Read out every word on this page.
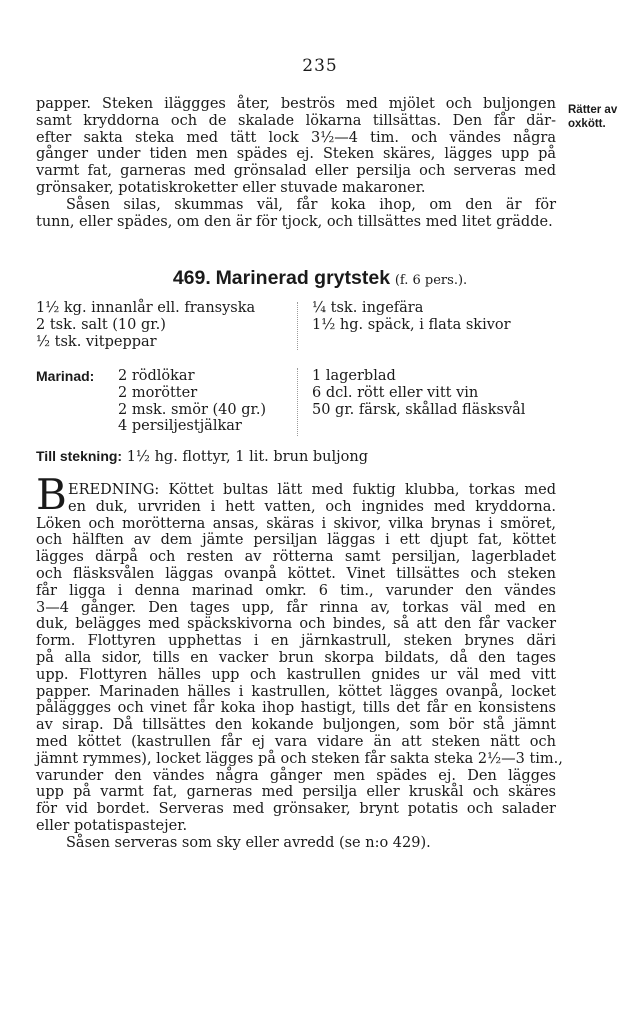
235
Rätter av
oxkött.
papper. Steken iläggges åter, beströs med mjölet och buljongen
samt kryddorna och de skalade lökarna tillsättas. Den får där-
efter sakta steka med tätt lock 3½—4 tim. och vändes några
gånger under tiden men spädes ej. Steken skäres, lägges upp på
varmt fat, garneras med grönsalad eller persilja och serveras med
grönsaker, potatiskroketter eller stuvade makaroner.
Såsen silas, skummas väl, får koka ihop, om den är för
tunn, eller spädes, om den är för tjock, och tillsättes med litet grädde.
469. Marinerad grytstek (f. 6 pers.).
1½ kg. innanlår ell. fransyska
2 tsk. salt (10 gr.)
½ tsk. vitpeppar
¼ tsk. ingefära
1½ hg. späck, i flata skivor
Marinad: 2 rödlökar
2 morötter
2 msk. smör (40 gr.)
4 persiljestjälkar
1 lagerblad
6 dcl. rött eller vitt vin
50 gr. färsk, skållad fläsksvål
Till stekning: 1½ hg. flottyr, 1 lit. brun buljong
B EREDNING: Köttet bultas lätt med fuktig klubba, torkas med
en duk, urvriden i hett vatten, och ingnides med kryddorna.
Löken och morötterna ansas, skäras i skivor, vilka brynas i smöret,
och hälften av dem jämte persiljan läggas i ett djupt fat, köttet
lägges därpå och resten av rötterna samt persiljan, lagerbladet
och fläsksvålen läggas ovanpå köttet. Vinet tillsättes och steken
får ligga i denna marinad omkr. 6 tim., varunder den vändes
3—4 gånger. Den tages upp, får rinna av, torkas väl med en
duk, belägges med späckskivorna och bindes, så att den får vacker
form. Flottyren upphettas i en järnkastrull, steken brynes däri
på alla sidor, tills en vacker brun skorpa bildats, då den tages
upp. Flottyren hälles upp och kastrullen gnides ur väl med vitt
papper. Marinaden hälles i kastrullen, köttet lägges ovanpå, locket
påläggges och vinet får koka ihop hastigt, tills det får en konsistens
av sirap. Då tillsättes den kokande buljongen, som bör stå jämnt
med köttet (kastrullen får ej vara vidare än att steken nätt och
jämnt rymmes), locket lägges på och steken får sakta steka 2½—3 tim.,
varunder den vändes några gånger men spädes ej. Den lägges
upp på varmt fat, garneras med persilja eller kruskål och skäres
för vid bordet. Serveras med grönsaker, brynt potatis och salader
eller potatispastejer.
Såsen serveras som sky eller avredd (se n:o 429).
